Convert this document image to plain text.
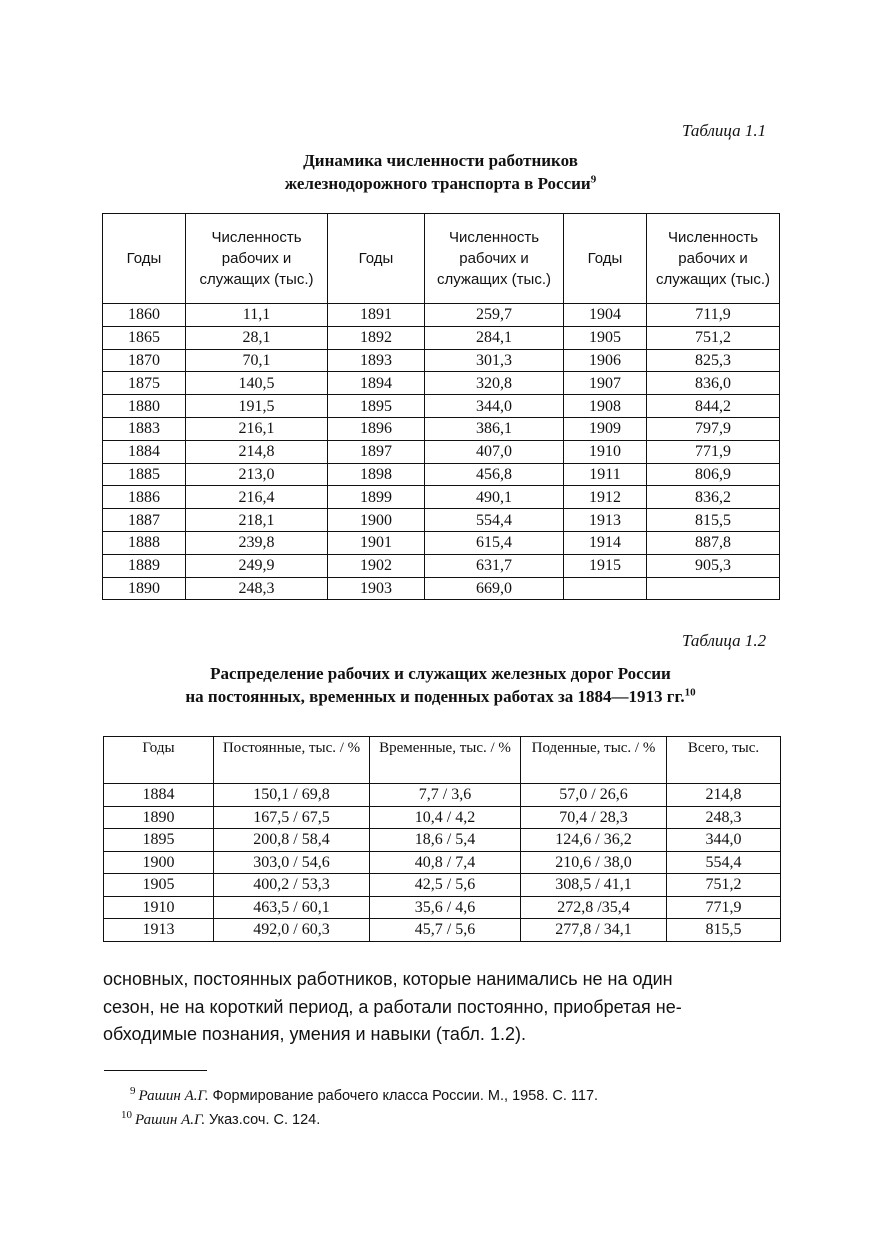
Таблица 1.1
Динамика численности работников
железнодорожного транспорта в России$^9$
Годы	Численность рабочих и служащих (тыс.)	Годы	Численность рабочих и служащих (тыс.)	Годы	Численность рабочих и служащих (тыс.)
1860	11,1	1891	259,7	1904	711,9
1865	28,1	1892	284,1	1905	751,2
1870	70,1	1893	301,3	1906	825,3
1875	140,5	1894	320,8	1907	836,0
1880	191,5	1895	344,0	1908	844,2
1883	216,1	1896	386,1	1909	797,9
1884	214,8	1897	407,0	1910	771,9
1885	213,0	1898	456,8	1911	806,9
1886	216,4	1899	490,1	1912	836,2
1887	218,1	1900	554,4	1913	815,5
1888	239,8	1901	615,4	1914	887,8
1889	249,9	1902	631,7	1915	905,3
1890	248,3	1903	669,0		
Таблица 1.2
Распределение рабочих и служащих железных дорог России
на постоянных, временных и поденных работах за 1884—1913 гг.$^{10}$
Годы	Постоянные, тыс. / %	Временные, тыс. / %	Поденные, тыс. / %	Всего, тыс.
1884	150,1 / 69,8	7,7 / 3,6	57,0 / 26,6	214,8
1890	167,5 / 67,5	10,4 / 4,2	70,4 / 28,3	248,3
1895	200,8 / 58,4	18,6 / 5,4	124,6 / 36,2	344,0
1900	303,0 / 54,6	40,8 / 7,4	210,6 / 38,0	554,4
1905	400,2 / 53,3	42,5 / 5,6	308,5 / 41,1	751,2
1910	463,5 / 60,1	35,6 / 4,6	272,8 /35,4	771,9
1913	492,0 / 60,3	45,7 / 5,6	277,8 / 34,1	815,5
основных, постоянных работников, которые нанимались не на один
сезон, не на короткий период, а работали постоянно, приобретая не-
обходимые познания, умения и навыки (табл. 1.2).
$^9$ Рашин А.Г. Формирование рабочего класса России. М., 1958. С. 117.
$^{10}$ Рашин А.Г. Указ.соч. С. 124.
